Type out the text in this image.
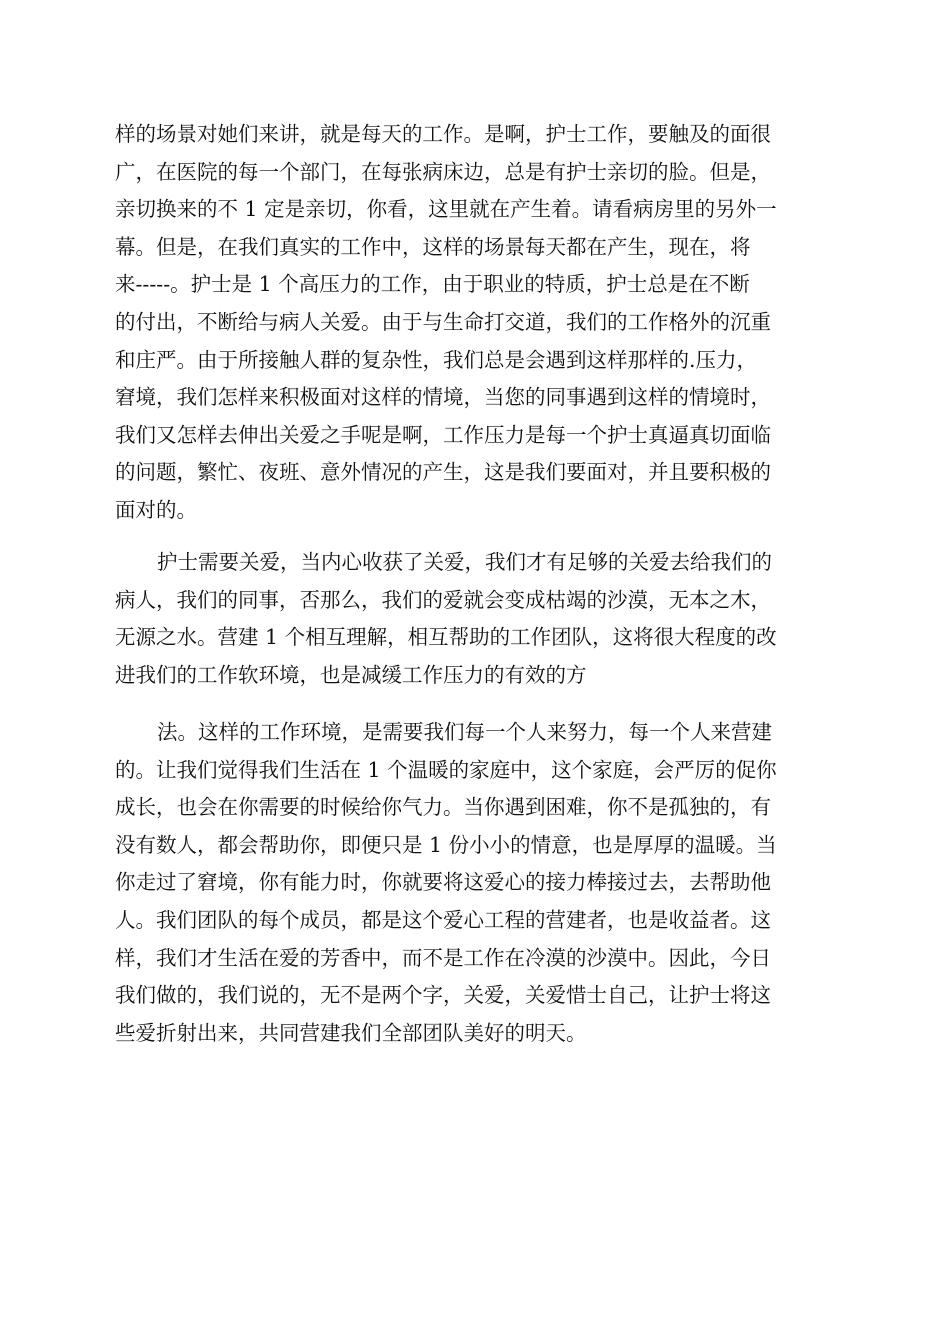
样的场景对她们来讲，就是每天的工作。是啊，护士工作，要触及的面很
广，在医院的每一个部门，在每张病床边，总是有护士亲切的脸。但是，
亲切换来的不 1 定是亲切，你看，这里就在产生着。请看病房里的另外一
幕。但是，在我们真实的工作中，这样的场景每天都在产生，现在，将
来-----。护士是 1 个高压力的工作，由于职业的特质，护士总是在不断
的付出，不断给与病人关爱。由于与生命打交道，我们的工作格外的沉重
和庄严。由于所接触人群的复杂性，我们总是会遇到这样那样的.压力，
窘境，我们怎样来积极面对这样的情境，当您的同事遇到这样的情境时，
我们又怎样去伸出关爱之手呢是啊，工作压力是每一个护士真逼真切面临
的问题，繁忙、夜班、意外情况的产生，这是我们要面对，并且要积极的
面对的。
护士需要关爱，当内心收获了关爱，我们才有足够的关爱去给我们的
病人，我们的同事，否那么，我们的爱就会变成枯竭的沙漠，无本之木，
无源之水。营建 1 个相互理解，相互帮助的工作团队，这将很大程度的改
进我们的工作软环境，也是减缓工作压力的有效的方
法。这样的工作环境，是需要我们每一个人来努力，每一个人来营建
的。让我们觉得我们生活在 1 个温暖的家庭中，这个家庭，会严厉的促你
成长，也会在你需要的时候给你气力。当你遇到困难，你不是孤独的，有
没有数人，都会帮助你，即便只是 1 份小小的情意，也是厚厚的温暖。当
你走过了窘境，你有能力时，你就要将这爱心的接力棒接过去，去帮助他
人。我们团队的每个成员，都是这个爱心工程的营建者，也是收益者。这
样，我们才生活在爱的芳香中，而不是工作在冷漠的沙漠中。因此，今日
我们做的，我们说的，无不是两个字，关爱，关爱惜士自己，让护士将这
些爱折射出来，共同营建我们全部团队美好的明天。
